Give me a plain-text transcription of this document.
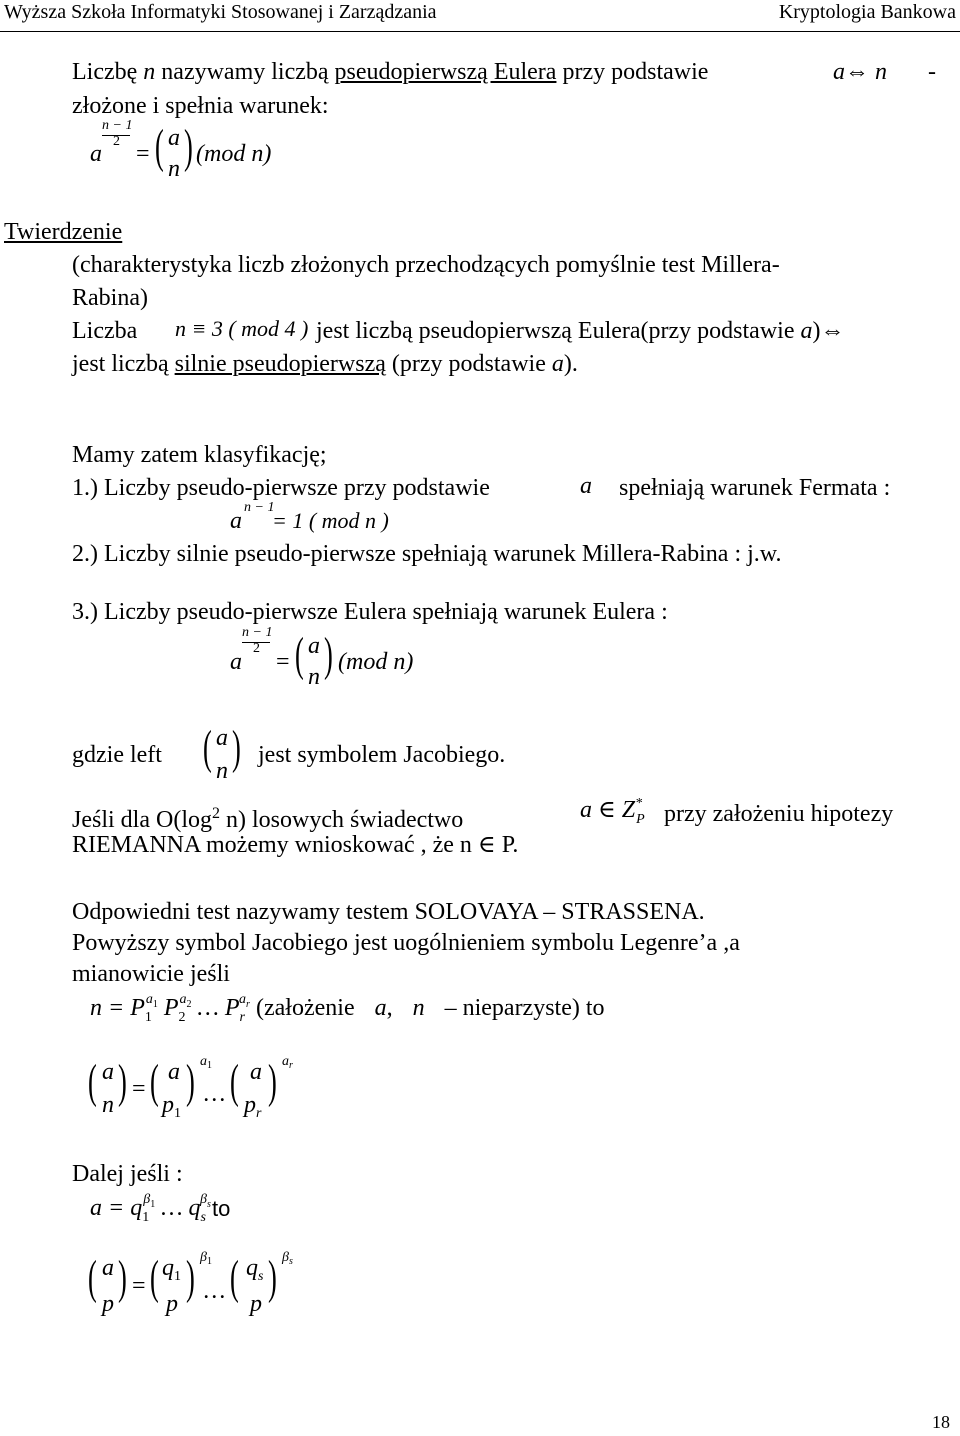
Wyższa Szkoła Informatyki Stosowanej i Zarządzania	Kryptologia Bankowa
Liczbę n nazywamy liczbą pseudopierwszą Eulera przy podstawie	a⇔ n -
złożone i spełnia warunek:
a
n − 1
2 = ( a
n ) (mod n)
Twierdzenie
(charakterystyka liczb złożonych przechodzących pomyślnie test Millera-
Rabina)
Liczba n ≡ 3 ( mod 4 ) jest liczbą pseudopierwszą Eulera(przy podstawie a)⇔
jest liczbą silnie pseudopierwszą (przy podstawie a).
Mamy zatem klasyfikację;
1.) Liczby pseudo-pierwsze przy podstawie	a spełniają warunek Fermata :
a
n − 1
= 1 ( mod n )
2.) Liczby silnie pseudo-pierwsze spełniają warunek Millera-Rabina : j.w.
3.) Liczby pseudo-pierwsze Eulera spełniają warunek Eulera :
a
n − 1
2
= ( a
n ) (mod n)
gdzie left ( a
n ) jest symbolem Jacobiego.
Jeśli dla $O(\log^2$ n) losowych świadectwo	a ∈ $Z^*_P$ przy założeniu hipotezy
RIEMANNA możemy wnioskować , że n ∈ P.
Odpowiedni test nazywamy testem SOLOVAYA – STRASSENA.
Powyższy symbol Jacobiego jest uogólnieniem symbolu Legenre’a ,a
mianowicie jeśli
$n = P_1^{a1}$ $P_2^{a2}$ … $P_r^{ar}$ (założenie a, n – nieparzyste) to
( a
n ) = ( a
$p_1$
) $a_1$
… ( a
$p_r$
) $a_r$
Dalej jeśli :
$a = q_1^{\beta 1}$ … $q_s^{\beta s}$ to
( a
p ) = ( $q_1$
p ) $\beta_1$
… ( $q_s$
p ) $\beta_s$
18
